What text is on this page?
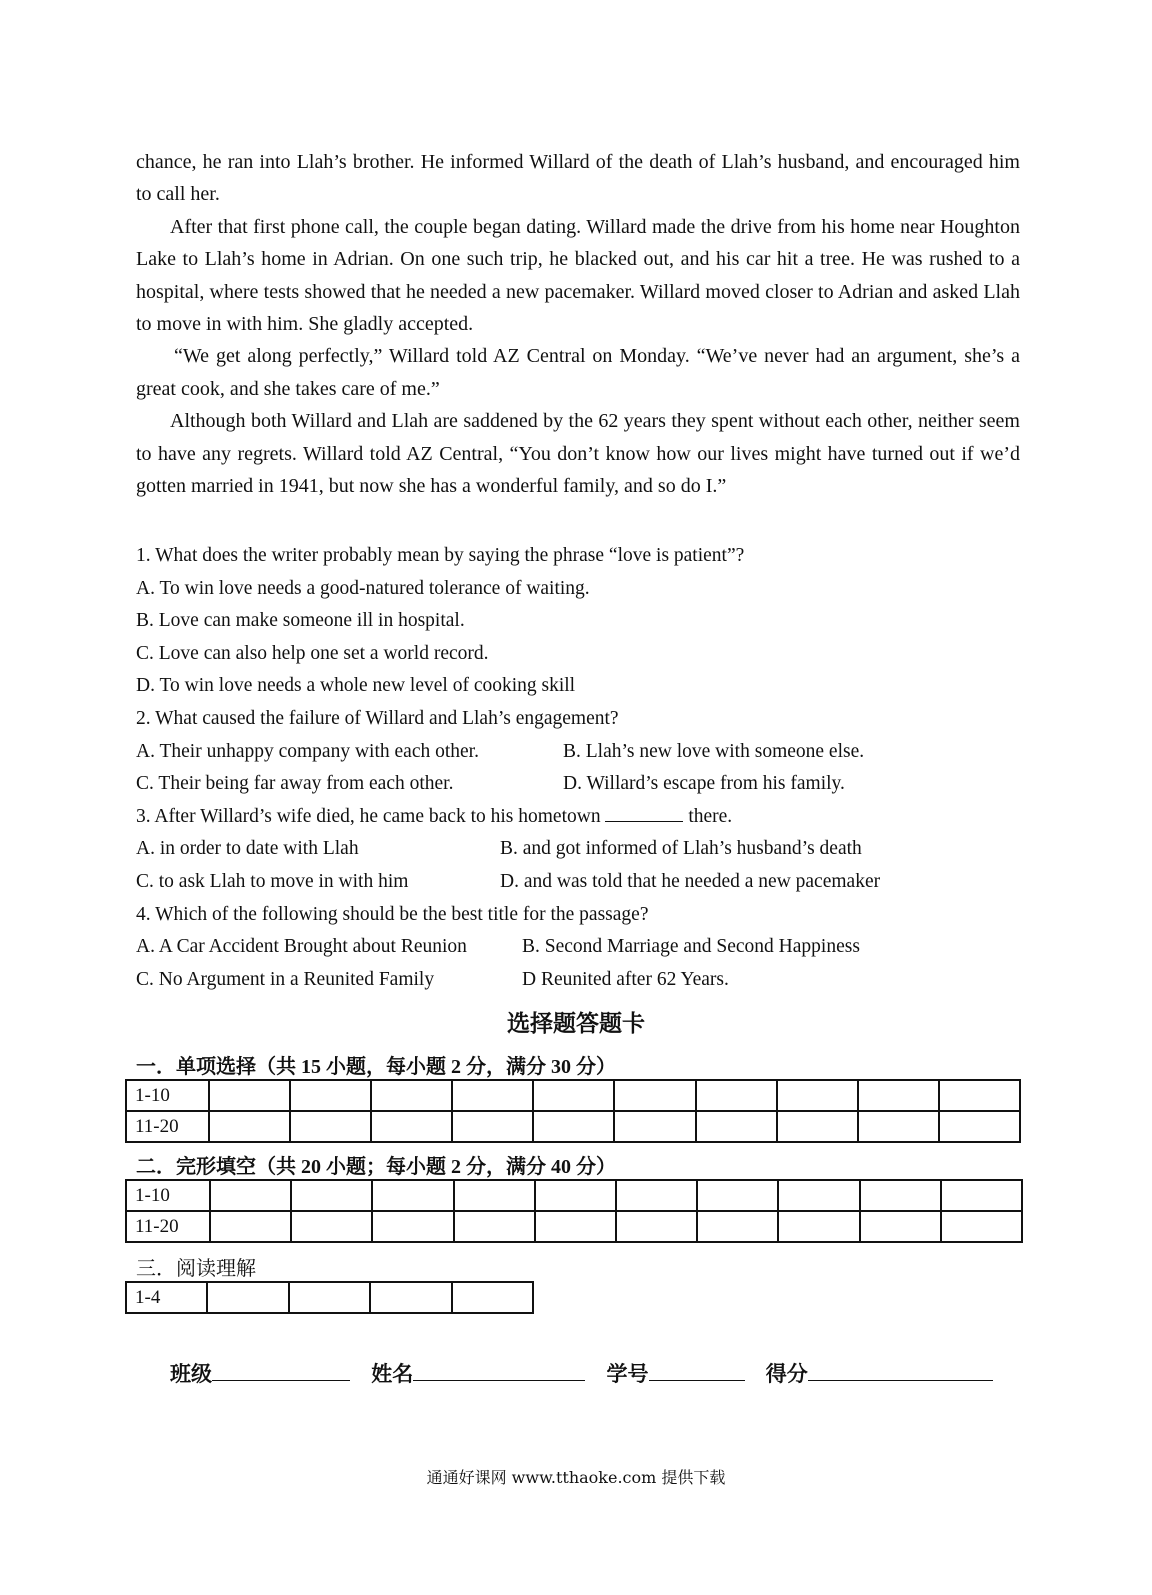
chance, he ran into Llah’s brother. He informed Willard of the death of Llah’s husband, and encouraged him to call her.

After that first phone call, the couple began dating. Willard made the drive from his home near Houghton Lake to Llah’s home in Adrian. On one such trip, he blacked out, and his car hit a tree. He was rushed to a hospital, where tests showed that he needed a new pacemaker. Willard moved closer to Adrian and asked Llah to move in with him. She gladly accepted.

“We get along perfectly,” Willard told AZ Central on Monday. “We’ve never had an argument, she’s a great cook, and she takes care of me.”

Although both Willard and Llah are saddened by the 62 years they spent without each other, neither seem to have any regrets. Willard told AZ Central, “You don’t know how our lives might have turned out if we’d gotten married in 1941, but now she has a wonderful family, and so do I.”

1. What does the writer probably mean by saying the phrase “love is patient”?
A. To win love needs a good-natured tolerance of waiting.
B. Love can make someone ill in hospital.
C. Love can also help one set a world record.
D. To win love needs a whole new level of cooking skill
2. What caused the failure of Willard and Llah’s engagement?
A. Their unhappy company with each other.	B. Llah’s new love with someone else.
C. Their being far away from each other.	D. Willard’s escape from his family.
3. After Willard’s wife died, he came back to his hometown	there.
A. in order to date with Llah	B. and got informed of Llah’s husband’s death
C. to ask Llah to move in with him	D. and was told that he needed a new pacemaker
4. Which of the following should be the best title for the passage?
A. A Car Accident Brought about Reunion	B. Second Marriage and Second Happiness
C. No Argument in a Reunited Family	D Reunited after 62 Years.
选择题答题卡
一．单项选择（共 15 小题，每小题 2 分，满分 30 分）
1-10										
11-20										
二．完形填空（共 20 小题；每小题 2 分，满分 40 分）
1-10										
11-20										
三．阅读理解
1-4				
班级	姓名	学号	得分
通通好课网 www.tthaoke.com 提供下载
